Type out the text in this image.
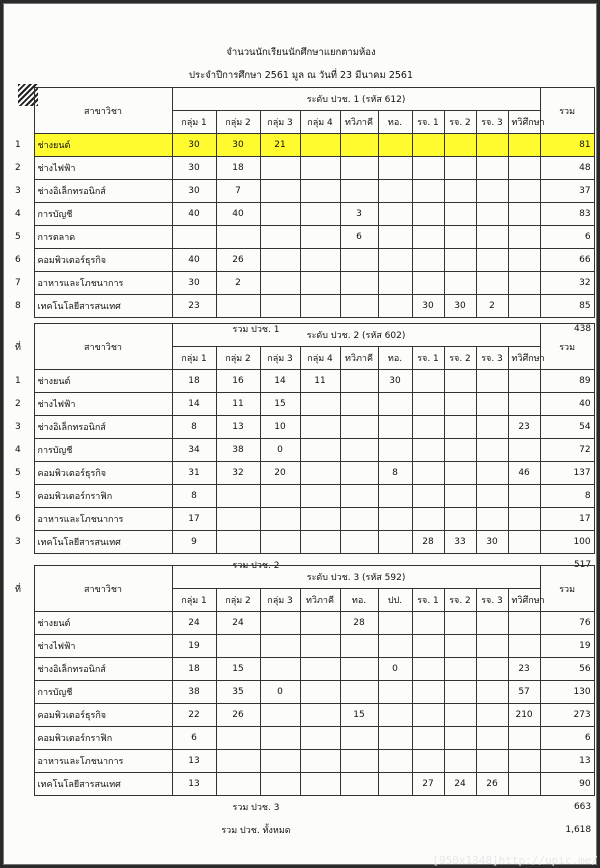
จำนวนนักเรียนนักศึกษาแยกตามห้อง
ประจำปีการศึกษา 2561 มูล ณ วันที่ 23 มีนาคม 2561
	สาขาวิชา	ระดับ ปวช. 1 (รหัส 612)										รวม
		กลุ่ม 1	กลุ่ม 2	กลุ่ม 3	กลุ่ม 4	ทวิภาคี	ทอ.	รจ. 1	รจ. 2	รจ. 3	ทวิศึกษา	
1	ช่างยนต์	30	30	21								81
2	ช่างไฟฟ้า	30	18									48
3	ช่างอิเล็กทรอนิกส์	30	7									37
4	การบัญชี	40	40			3						83
5	การตลาด					6						6
6	คอมพิวเตอร์ธุรกิจ	40	26									66
7	อาหารและโภชนาการ	30	2									32
8	เทคโนโลยีสารสนเทศ	23						30	30	2		85
		รวม ปวช. 1										438
ที่	สาขาวิชา	ระดับ ปวช. 2 (รหัส 602)										รวม
		กลุ่ม 1	กลุ่ม 2	กลุ่ม 3	กลุ่ม 4	ทวิภาคี	ทอ.	รจ. 1	รจ. 2	รจ. 3	ทวิศึกษา	
1	ช่างยนต์	18	16	14	11		30					89
2	ช่างไฟฟ้า	14	11	15								40
3	ช่างอิเล็กทรอนิกส์	8	13	10							23	54
4	การบัญชี	34	38	0								72
5	คอมพิวเตอร์ธุรกิจ	31	32	20			8				46	137
5	คอมพิวเตอร์กราฟิก	8										8
6	อาหารและโภชนาการ	17										17
3	เทคโนโลยีสารสนเทศ	9						28	33	30		100
		รวม ปวช. 2										517
ที่	สาขาวิชา	ระดับ ปวช. 3 (รหัส 592)										รวม
		กลุ่ม 1	กลุ่ม 2	กลุ่ม 3	ทวิภาคี	ทอ.	ปป.	รจ. 1	รจ. 2	รจ. 3	ทวิศึกษา	
	ช่างยนต์	24	24			28						76
	ช่างไฟฟ้า	19										19
	ช่างอิเล็กทรอนิกส์	18	15				0				23	56
	การบัญชี	38	35	0							57	130
	คอมพิวเตอร์ธุรกิจ	22	26			15					210	273
	คอมพิวเตอร์กราฟิก	6										6
	อาหารและโภชนาการ	13										13
	เทคโนโลยีสารสนเทศ	13						27	24	26		90
		รวม ปวช. 3										663
		รวม ปวช. ทั้งหมด										1,618
[950x1348]http://upic.me/
